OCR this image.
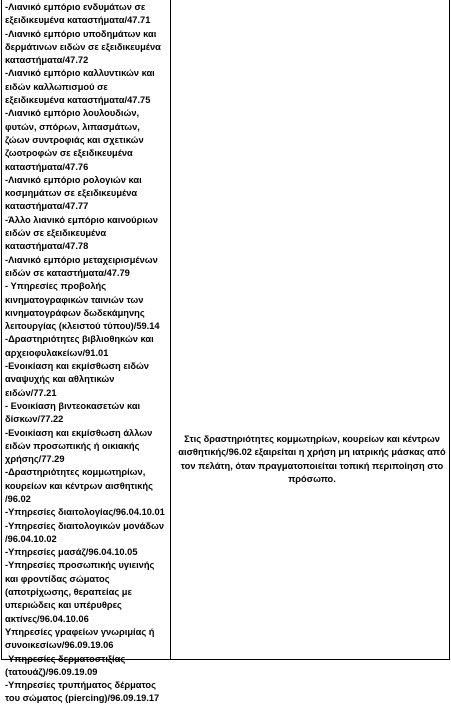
-Λιανικό εμπόριο ενδυμάτων σε εξειδικευμένα καταστήματα/47.71

-Λιανικό εμπόριο υποδημάτων και δερμάτινων ειδών σε εξειδικευμένα καταστήματα/47.72

-Λιανικό εμπόριο καλλυντικών και ειδών καλλωπισμού σε εξειδικευμένα καταστήματα/47.75

-Λιανικό εμπόριο λουλουδιών, φυτών, σπόρων, λιπασμάτων, ζώων συντροφιάς και σχετικών ζωοτροφών σε εξειδικευμένα καταστήματα/47.76

-Λιανικό εμπόριο ρολογιών και κοσμημάτων σε εξειδικευμένα καταστήματα/47.77

-Άλλο λιανικό εμπόριο καινούριων ειδών σε εξειδικευμένα καταστήματα/47.78

-Λιανικό εμπόριο μεταχειρισμένων ειδών σε καταστήματα/47.79

- Υπηρεσίες προβολής κινηματογραφικών ταινιών των κινηματογράφων δωδεκάμηνης λειτουργίας (κλειστού τύπου)/59.14

-Δραστηριότητες βιβλιοθηκών και αρχειοφυλακείων/91.01

-Ενοικίαση και εκμίσθωση ειδών αναψυχής και αθλητικών ειδών/77.21

- Ενοικίαση βιντεοκασετών και δίσκων/77.22

-Ενοικίαση και εκμίσθωση άλλων ειδών προσωπικής ή οικιακής χρήσης/77.29

-Δραστηριότητες κομμωτηρίων, κουρείων και κέντρων αισθητικής /96.02

-Υπηρεσίες διαιτολογίας/96.04.10.01

-Υπηρεσίες διαιτολογικών μονάδων /96.04.10.02

-Υπηρεσίες μασάζ/96.04.10.05

-Υπηρεσίες προσωπικής υγιεινής και φροντίδας σώματος (αποτρίχωσης, θεραπείας με υπεριώδεις και υπέρυθρες ακτίνες/96.04.10.06

Υπηρεσίες γραφείων γνωριμίας ή συνοικεσίων/96.09.19.06

-Υπηρεσίες δερματοστιξίας (τατουάζ)/96.09.19.09

-Υπηρεσίες τρυπήματος δέρματος του σώματος (piercing)/96.09.19.17

Στις δραστηριότητες κομμωτηρίων, κουρείων και κέντρων αισθητικής/96.02 εξαιρείται η χρήση μη ιατρικής μάσκας από τον πελάτη, όταν πραγματοποιείται τοπική περιποίηση στο πρόσωπο.
